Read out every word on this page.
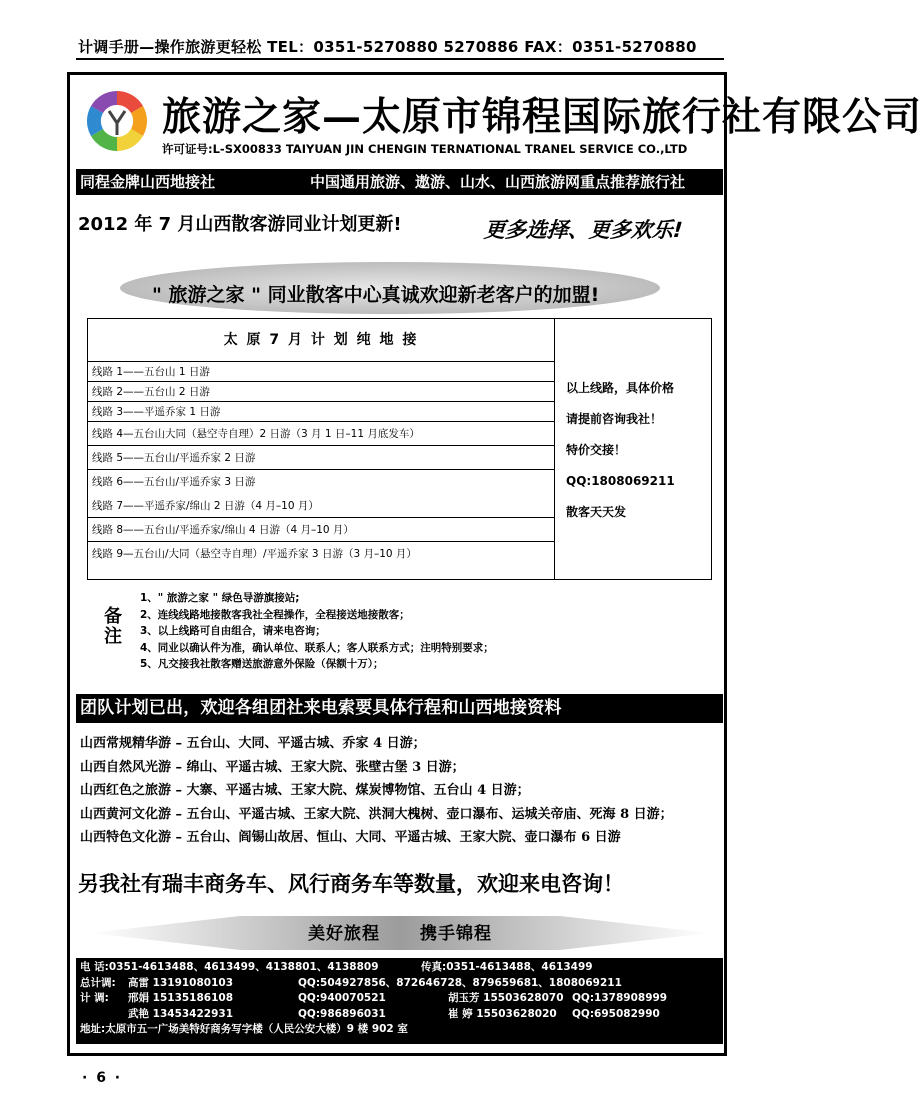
计调手册—操作旅游更轻松 TEL：0351-5270880 5270886 FAX：0351-5270880
旅游之家—太原市锦程国际旅行社有限公司
许可证号:L-SX00833 TAIYUAN JIN CHENGIN TERNATIONAL TRANEL SERVICE CO.,LTD
同程金牌山西地接社	中国通用旅游、遨游、山水、山西旅游网重点推荐旅行社
2012 年 7 月山西散客游同业计划更新!	更多选择、更多欢乐!
" 旅游之家 " 同业散客中心真诚欢迎新老客户的加盟!
太 原 7 月 计 划 纯 地 接
线路 1——五台山 1 日游
线路 2——五台山 2 日游
线路 3——平遥乔家 1 日游
线路 4—五台山大同（悬空寺自理）2 日游（3 月 1 日–11 月底发车）
线路 5——五台山/平遥乔家 2 日游
线路 6——五台山/平遥乔家 3 日游
线路 7——平遥乔家/绵山 2 日游（4 月–10 月）
线路 8——五台山/平遥乔家/绵山 4 日游（4 月–10 月）
线路 9—五台山/大同（悬空寺自理）/平遥乔家 3 日游（3 月–10 月）
以上线路，具体价格
请提前咨询我社！
特价交接！
QQ:1808069211
散客天天发
备注
1、" 旅游之家 " 绿色导游旗接站;
2、连线线路地接散客我社全程操作，全程接送地接散客；
3、以上线路可自由组合，请来电咨询；
4、同业以确认件为准，确认单位、联系人；客人联系方式；注明特别要求；
5、凡交接我社散客赠送旅游意外保险（保额十万）；
团队计划已出，欢迎各组团社来电索要具体行程和山西地接资料
山西常规精华游 – 五台山、大同、平遥古城、乔家 4 日游；
山西自然风光游 – 绵山、平遥古城、王家大院、张壁古堡 3 日游；
山西红色之旅游 – 大寨、平遥古城、王家大院、煤炭博物馆、五台山 4 日游；
山西黄河文化游 – 五台山、平遥古城、王家大院、洪洞大槐树、壶口瀑布、运城关帝庙、死海 8 日游；
山西特色文化游 – 五台山、阎锡山故居、恒山、大同、平遥古城、王家大院、壶口瀑布 6 日游
另我社有瑞丰商务车、风行商务车等数量，欢迎来电咨询！
美好旅程 携手锦程
电 话:0351-4613488、4613499、4138801、4138809	传真:0351-4613488、4613499
总计调: 高雷 13191080103	QQ:504927856、872646728、879659681、1808069211
计 调: 邢娟 15135186108	QQ:940070521	胡玉芳 15503628070 QQ:1378908999
武艳 13453422931	QQ:986896031	崔 婷 15503628020 QQ:695082990
地址:太原市五一广场美特好商务写字楼（人民公安大楼）9 楼 902 室
· 6 ·
